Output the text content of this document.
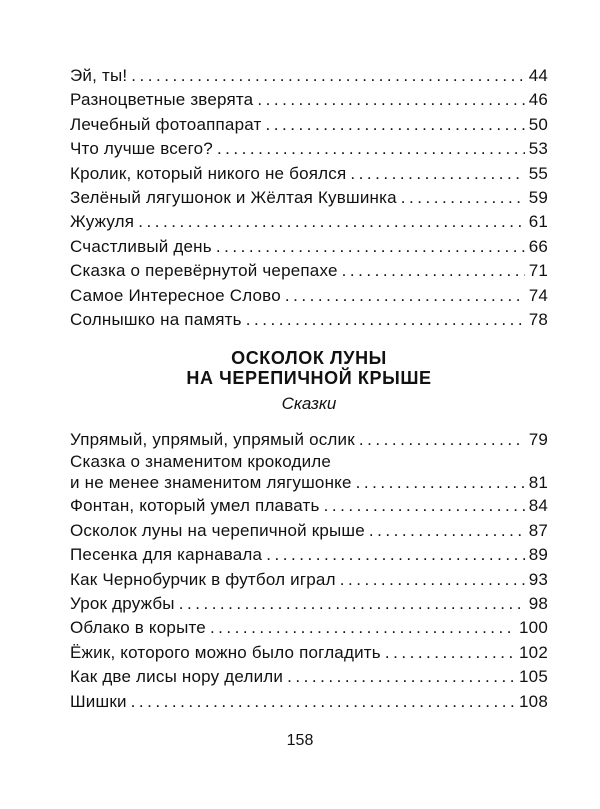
Эй, ты! . . .	44
Разноцветные зверята . . .	46
Лечебный фотоаппарат . . .	50
Что лучше всего? . . .	53
Кролик, который никого не боялся . . .	55
Зелёный лягушонок и Жёлтая Кувшинка . . .	59
Жужуля . . .	61
Счастливый день . . .	66
Сказка о перевёрнутой черепахе . . .	71
Самое Интересное Слово . . .	74
Солнышко на память . . .	78
ОСКОЛОК ЛУНЫ
НА ЧЕРЕПИЧНОЙ КРЫШЕ
Сказки
Упрямый, упрямый, упрямый ослик . . .	79
Сказка о знаменитом крокодиле
и не менее знаменитом лягушонке . . .	81
Фонтан, который умел плавать . . .	84
Осколок луны на черепичной крыше . . .	87
Песенка для карнавала . . .	89
Как Чернобурчик в футбол играл . . .	93
Урок дружбы . . .	98
Облако в корыте . . .	100
Ёжик, которого можно было погладить . . .	102
Как две лисы нору делили . . .	105
Шишки . . .	108
158
